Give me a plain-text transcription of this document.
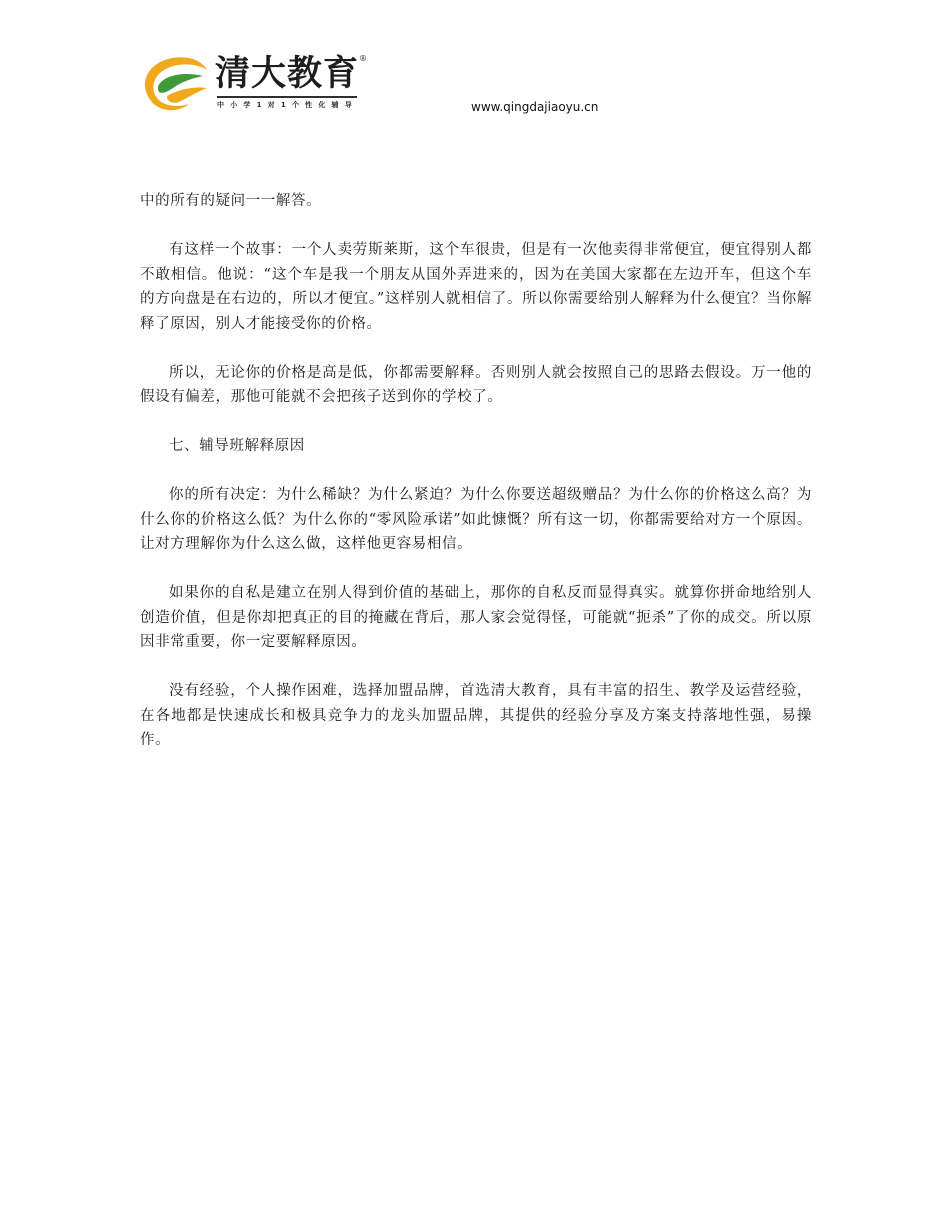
清大教育 ®
中小学1对1个性化辅导	www.qingdajiaoyu.cn

中的所有的疑问一一解答。

有这样一个故事：一个人卖劳斯莱斯，这个车很贵，但是有一次他卖得非常便宜，便宜得别人都不敢相信。他说：“这个车是我一个朋友从国外弄进来的，因为在美国大家都在左边开车，但这个车的方向盘是在右边的，所以才便宜。”这样别人就相信了。所以你需要给别人解释为什么便宜？当你解释了原因，别人才能接受你的价格。

所以，无论你的价格是高是低，你都需要解释。否则别人就会按照自己的思路去假设。万一他的假设有偏差，那他可能就不会把孩子送到你的学校了。

七、辅导班解释原因

你的所有决定：为什么稀缺？为什么紧迫？为什么你要送超级赠品？为什么你的价格这么高？为什么你的价格这么低？为什么你的“零风险承诺”如此慷慨？所有这一切，你都需要给对方一个原因。让对方理解你为什么这么做，这样他更容易相信。

如果你的自私是建立在别人得到价值的基础上，那你的自私反而显得真实。就算你拼命地给别人创造价值，但是你却把真正的目的掩藏在背后，那人家会觉得怪，可能就“扼杀”了你的成交。所以原因非常重要，你一定要解释原因。

没有经验，个人操作困难，选择加盟品牌，首选清大教育，具有丰富的招生、教学及运营经验，在各地都是快速成长和极具竞争力的龙头加盟品牌，其提供的经验分享及方案支持落地性强，易操作。
